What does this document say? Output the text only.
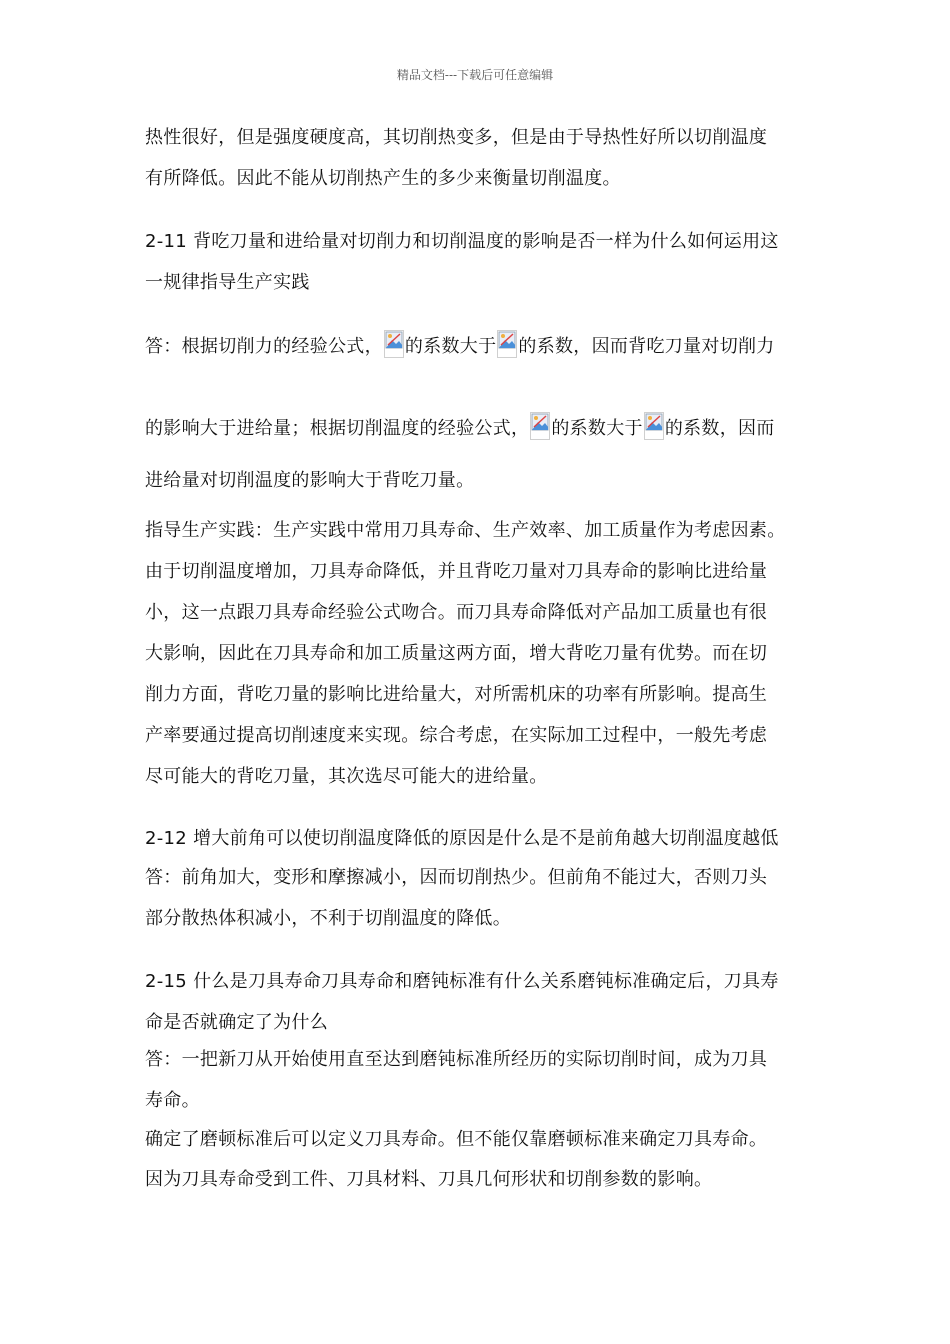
精品文档---下载后可任意编辑
热性很好，但是强度硬度高，其切削热变多，但是由于导热性好所以切削温度
有所降低。因此不能从切削热产生的多少来衡量切削温度。
2-11 背吃刀量和进给量对切削力和切削温度的影响是否一样为什么如何运用这
一规律指导生产实践
答：根据切削力的经验公式， 的系数大于 的系数，因而背吃刀量对切削力
的影响大于进给量；根据切削温度的经验公式， 的系数大于 的系数，因而
进给量对切削温度的影响大于背吃刀量。
指导生产实践：生产实践中常用刀具寿命、生产效率、加工质量作为考虑因素。
由于切削温度增加，刀具寿命降低，并且背吃刀量对刀具寿命的影响比进给量
小，这一点跟刀具寿命经验公式吻合。而刀具寿命降低对产品加工质量也有很
大影响，因此在刀具寿命和加工质量这两方面，增大背吃刀量有优势。而在切
削力方面，背吃刀量的影响比进给量大，对所需机床的功率有所影响。提高生
产率要通过提高切削速度来实现。综合考虑，在实际加工过程中，一般先考虑
尽可能大的背吃刀量，其次选尽可能大的进给量。
2-12 增大前角可以使切削温度降低的原因是什么是不是前角越大切削温度越低
答：前角加大，变形和摩擦减小，因而切削热少。但前角不能过大，否则刀头
部分散热体积减小，不利于切削温度的降低。
2-15 什么是刀具寿命刀具寿命和磨钝标准有什么关系磨钝标准确定后，刀具寿
命是否就确定了为什么
答：一把新刀从开始使用直至达到磨钝标准所经历的实际切削时间，成为刀具
寿命。
确定了磨顿标准后可以定义刀具寿命。但不能仅靠磨顿标准来确定刀具寿命。
因为刀具寿命受到工件、刀具材料、刀具几何形状和切削参数的影响。
